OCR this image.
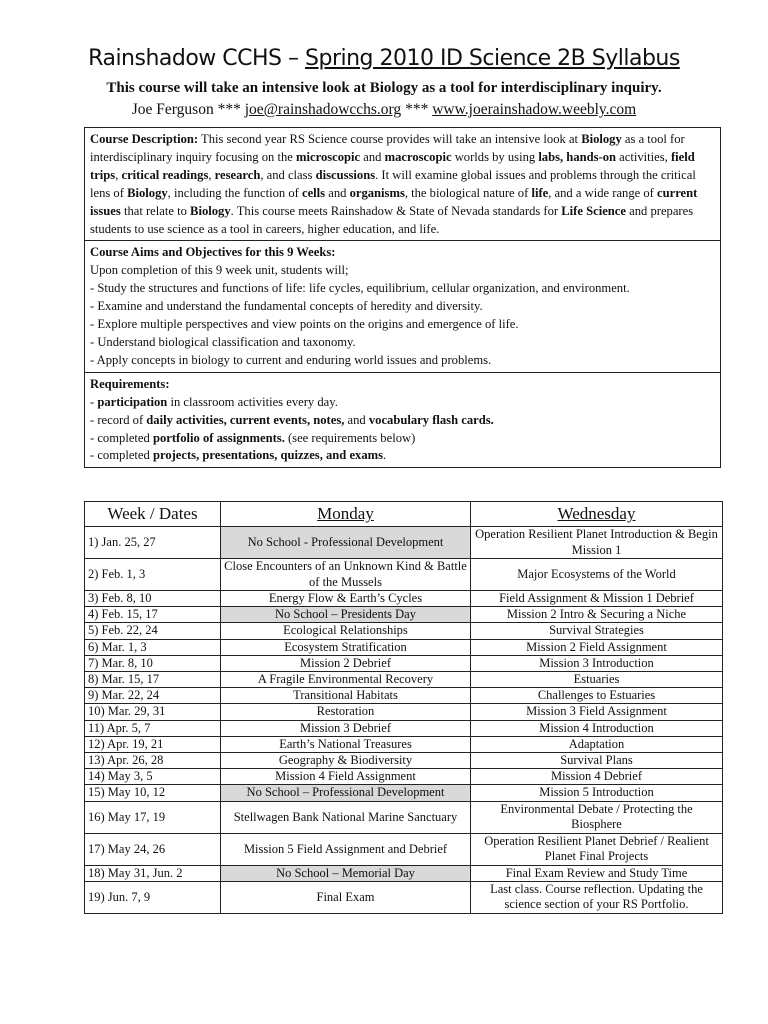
Rainshadow CCHS – Spring 2010 ID Science 2B Syllabus
This course will take an intensive look at Biology as a tool for interdisciplinary inquiry.
Joe Ferguson *** joe@rainshadowcchs.org *** www.joerainshadow.weebly.com

Course Description: This second year RS Science course provides will take an intensive look at Biology as a tool for interdisciplinary inquiry focusing on the microscopic and macroscopic worlds by using labs, hands-on activities, field trips, critical readings, research, and class discussions. It will examine global issues and problems through the critical lens of Biology, including the function of cells and organisms, the biological nature of life, and a wide range of current issues that relate to Biology. This course meets Rainshadow & State of Nevada standards for Life Science and prepares students to use science as a tool in careers, higher education, and life.

Course Aims and Objectives for this 9 Weeks:

Upon completion of this 9 week unit, students will;

- Study the structures and functions of life: life cycles, equilibrium, cellular organization, and environment.

- Examine and understand the fundamental concepts of heredity and diversity.

- Explore multiple perspectives and view points on the origins and emergence of life.

- Understand biological classification and taxonomy.

- Apply concepts in biology to current and enduring world issues and problems.

Requirements:

- participation in classroom activities every day.

- record of daily activities, current events, notes, and vocabulary flash cards.

- completed portfolio of assignments. (see requirements below)

- completed projects, presentations, quizzes, and exams.

Week / Dates	Monday	Wednesday
1) Jan. 25, 27	No School - Professional Development	Operation Resilient Planet Introduction & Begin Mission 1
2) Feb. 1, 3	Close Encounters of an Unknown Kind & Battle of the Mussels	Major Ecosystems of the World
3) Feb. 8, 10	Energy Flow & Earth’s Cycles	Field Assignment & Mission 1 Debrief
4) Feb. 15, 17	No School – Presidents Day	Mission 2 Intro & Securing a Niche
5) Feb. 22, 24	Ecological Relationships	Survival Strategies
6) Mar. 1, 3	Ecosystem Stratification	Mission 2 Field Assignment
7) Mar. 8, 10	Mission 2 Debrief	Mission 3 Introduction
8) Mar. 15, 17	A Fragile Environmental Recovery	Estuaries
9) Mar. 22, 24	Transitional Habitats	Challenges to Estuaries
10) Mar. 29, 31	Restoration	Mission 3 Field Assignment
11) Apr. 5, 7	Mission 3 Debrief	Mission 4 Introduction
12) Apr. 19, 21	Earth’s National Treasures	Adaptation
13) Apr. 26, 28	Geography & Biodiversity	Survival Plans
14) May 3, 5	Mission 4 Field Assignment	Mission 4 Debrief
15) May 10, 12	No School – Professional Development	Mission 5 Introduction
16) May 17, 19	Stellwagen Bank National Marine Sanctuary	Environmental Debate / Protecting the Biosphere
17) May 24, 26	Mission 5 Field Assignment and Debrief	Operation Resilient Planet Debrief / Realient Planet Final Projects
18) May 31, Jun. 2	No School – Memorial Day	Final Exam Review and Study Time
19) Jun. 7, 9	Final Exam	Last class. Course reflection. Updating the science section of your RS Portfolio.
